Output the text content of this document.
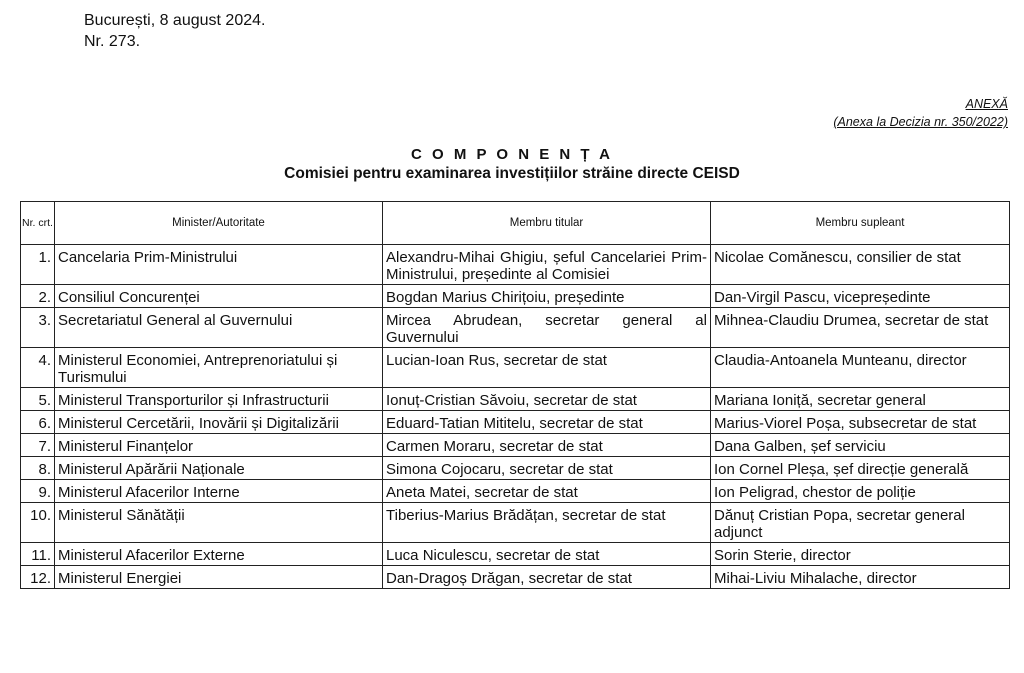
București, 8 august 2024.
Nr. 273.
ANEXĂ
(Anexa la Decizia nr. 350/2022)
C O M P O N E N Ț A
Comisiei pentru examinarea investițiilor străine directe CEISD
Nr. crt.	Minister/Autoritate	Membru titular	Membru supleant
1.	Cancelaria Prim-Ministrului	Alexandru-Mihai Ghigiu, șeful Cancelariei Prim-Ministrului, președinte al Comisiei	Nicolae Comănescu, consilier de stat
2.	Consiliul Concurenței	Bogdan Marius Chirițoiu, președinte	Dan-Virgil Pascu, vicepreședinte
3.	Secretariatul General al Guvernului	Mircea Abrudean, secretar general al Guvernului	Mihnea-Claudiu Drumea, secretar de stat
4.	Ministerul Economiei, Antreprenoriatului și Turismului	Lucian-Ioan Rus, secretar de stat	Claudia-Antoanela Munteanu, director
5.	Ministerul Transporturilor și Infrastructurii	Ionuț-Cristian Săvoiu, secretar de stat	Mariana Ioniță, secretar general
6.	Ministerul Cercetării, Inovării și Digitalizării	Eduard-Tatian Mititelu, secretar de stat	Marius-Viorel Poșa, subsecretar de stat
7.	Ministerul Finanțelor	Carmen Moraru, secretar de stat	Dana Galben, șef serviciu
8.	Ministerul Apărării Naționale	Simona Cojocaru, secretar de stat	Ion Cornel Pleșa, șef direcție generală
9.	Ministerul Afacerilor Interne	Aneta Matei, secretar de stat	Ion Peligrad, chestor de poliție
10.	Ministerul Sănătății	Tiberius-Marius Brădățan, secretar de stat	Dănuț Cristian Popa, secretar general adjunct
11.	Ministerul Afacerilor Externe	Luca Niculescu, secretar de stat	Sorin Sterie, director
12.	Ministerul Energiei	Dan-Dragoș Drăgan, secretar de stat	Mihai-Liviu Mihalache, director
